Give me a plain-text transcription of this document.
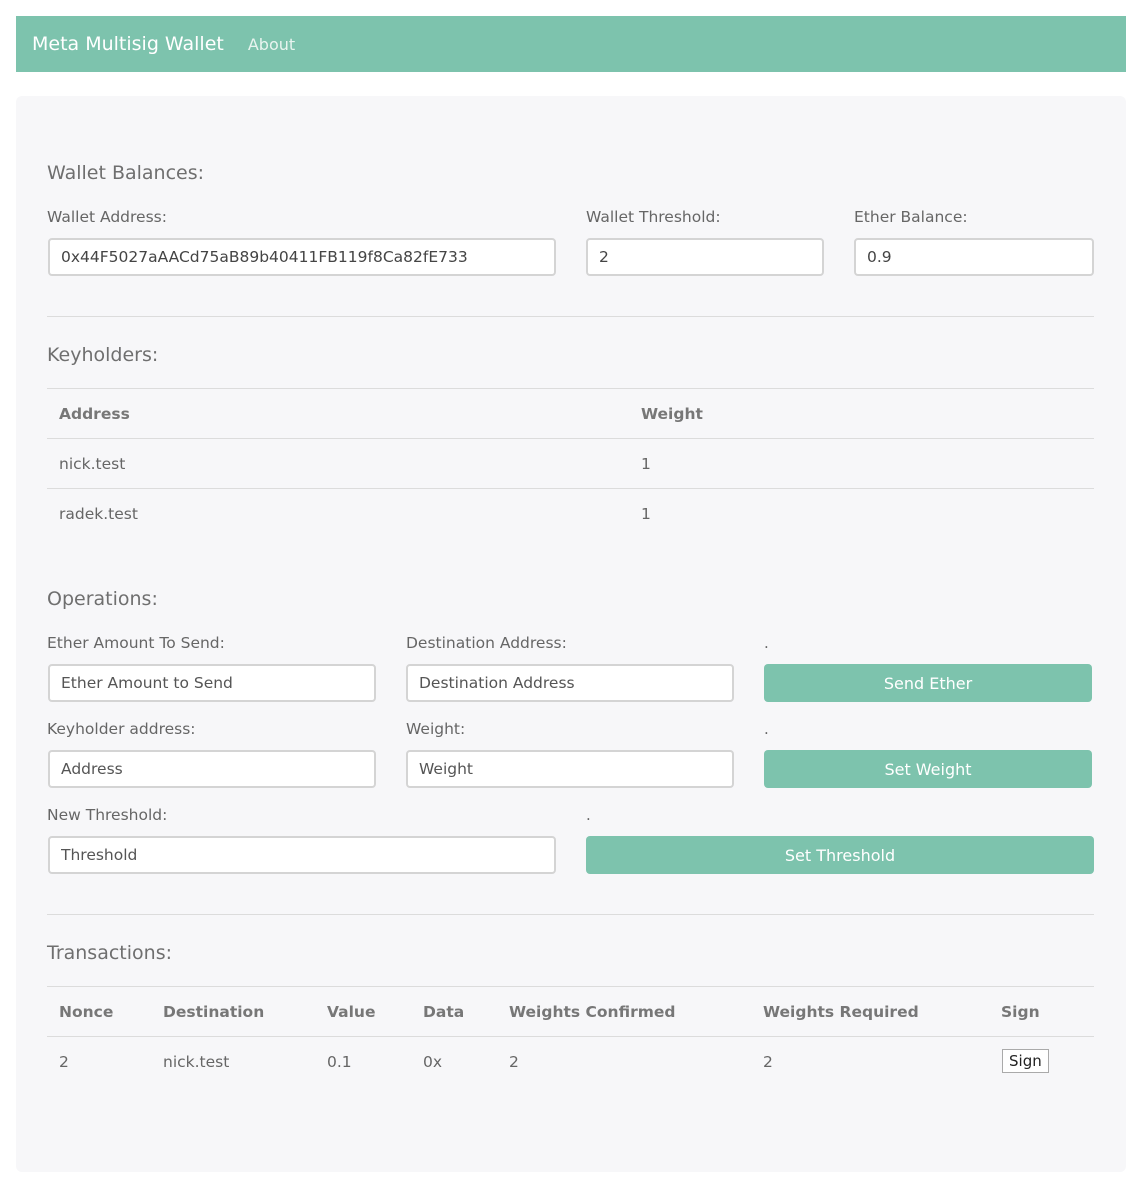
Meta Multisig Wallet About
Wallet Balances:
Wallet Address:
0x44F5027aAACd75aB89b40411FB119f8Ca82fE733
Wallet Threshold:
2
Ether Balance:
0.9
Keyholders:
Address	Weight
nick.test	1
radek.test	1
Operations:
Ether Amount To Send:
Ether Amount to Send	Destination Address:
Destination Address	.
Send Ether
Keyholder address:
Address	Weight:
Weight	.
Set Weight
New Threshold:
Threshold	.
Set Threshold
Transactions:
Nonce	Destination	Value	Data	Weights Confirmed	Weights Required	Sign
2	nick.test	0.1	0x	2	2	Sign
